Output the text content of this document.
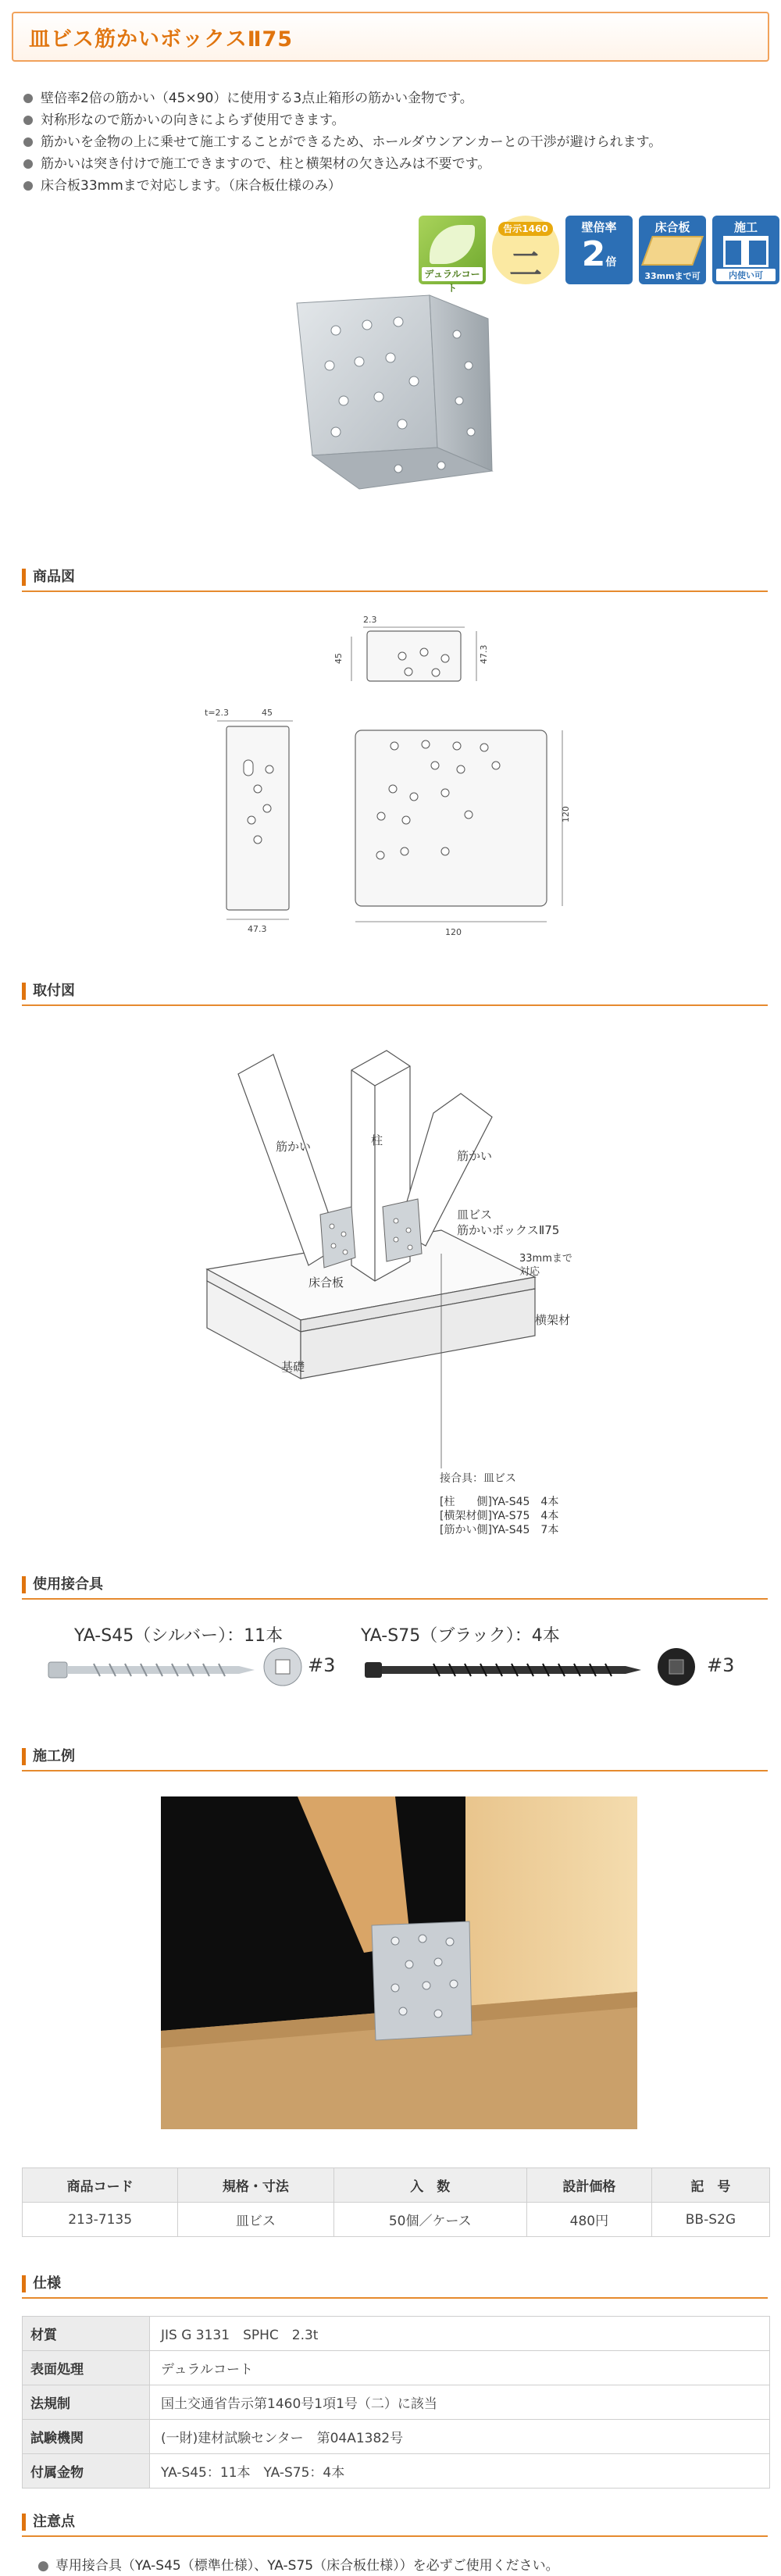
皿ビス筋かいボックスⅡ75
壁倍率2倍の筋かい（45×90）に使用する3点止箱形の筋かい金物です。
対称形なので筋かいの向きによらず使用できます。
筋かいを金物の上に乗せて施工することができるため、ホールダウンアンカーとの干渉が避けられます。
筋かいは突き付けで施工できますので、柱と横架材の欠き込みは不要です。
床合板33mmまで対応します。（床合板仕様のみ）
デュラルコート
告示1460
二
壁倍率
2倍
床合板
33mmまで可
施工
内使い可
商品図
2.3
45	47.3
t=2.3	45
47.3
120
120
取付図
柱
筋かい
筋かい
皿ビス
筋かいボックスⅡ75
床合板
33mmまで
対応
横架材
基礎
接合具：皿ビス
[柱　　側]YA-S45　4本
[横架材側]YA-S75　4本
[筋かい側]YA-S45　7本
使用接合具
YA-S45（シルバー）：11本	YA-S75（ブラック）：4本
#3	#3
施工例
商品コード	規格・寸法	入　数	設計価格	記　号
213-7135	皿ビス	50個／ケース	480円	BB-S2G
仕様
材質	JIS G 3131　SPHC　2.3t
表面処理	デュラルコート
法規制	国土交通省告示第1460号1項1号（二）に該当
試験機関	(一財)建材試験センター　第04A1382号
付属金物	YA-S45：11本　YA-S75：4本
注意点
● 専用接合具（YA-S45（標準仕様）、YA-S75（床合板仕様））を必ずご使用ください。
